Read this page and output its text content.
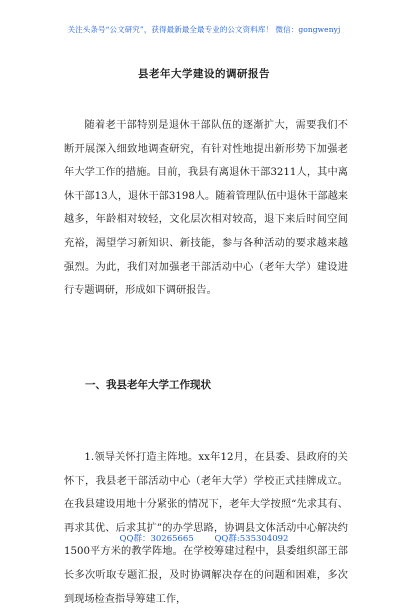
关注头条号“公文研究”，获得最新最全最专业的公文资料库！ 微信：gongwenyj
县老年大学建设的调研报告

随着老干部特别是退休干部队伍的逐渐扩大，需要我们不断开展深入细致地调查研究，有针对性地提出新形势下加强老年大学工作的措施。目前，我县有离退休干部3211人，其中离休干部13人，退休干部3198人。随着管理队伍中退休干部越来越多，年龄相对较轻，文化层次相对较高，退下来后时间空间充裕，渴望学习新知识、新技能，参与各种活动的要求越来越强烈。为此，我们对加强老干部活动中心（老年大学）建设进行专题调研，形成如下调研报告。

一、我县老年大学工作现状

1.领导关怀打造主阵地。xx年12月，在县委、县政府的关怀下，我县老干部活动中心（老年大学）学校正式挂牌成立。在我县建设用地十分紧张的情况下，老年大学按照“先求其有、再求其优、后求其扩”的办学思路，协调县文体活动中心解决约1500平方米的教学阵地。在学校筹建过程中，县委组织部王部长多次听取专题汇报，及时协调解决存在的问题和困难，多次到现场检查指导筹建工作，

QQ群：30265665 QQ群:535304092
